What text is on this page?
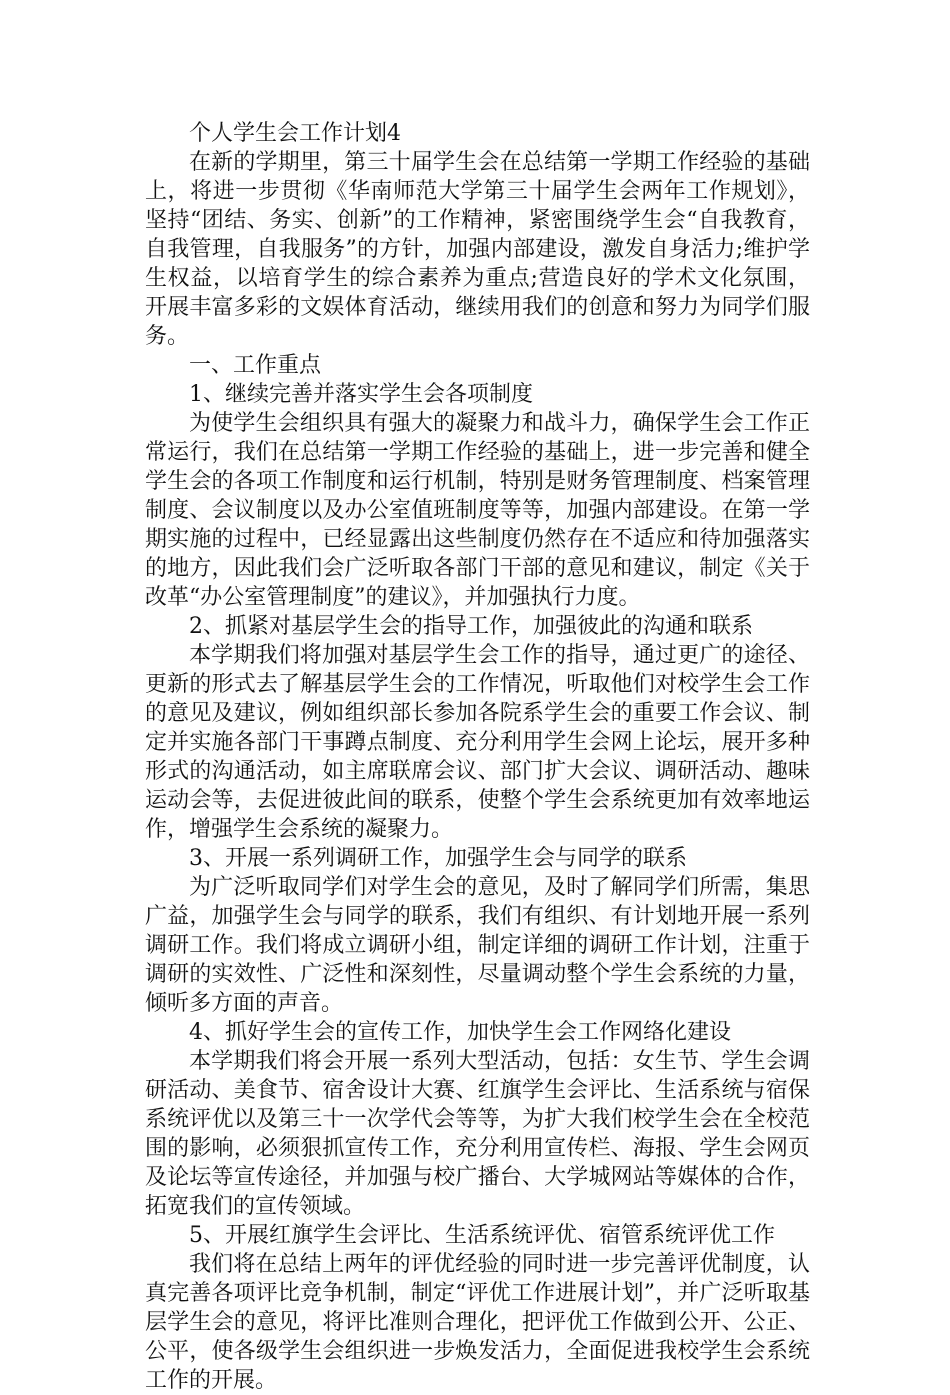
个人学生会工作计划4

在新的学期里，第三十届学生会在总结第一学期工作经验的基础上，将进一步贯彻《华南师范大学第三十届学生会两年工作规划》，坚持“团结、务实、创新”的工作精神，紧密围绕学生会“自我教育，自我管理，自我服务”的方针，加强内部建设，激发自身活力;维护学生权益，以培育学生的综合素养为重点;营造良好的学术文化氛围，开展丰富多彩的文娱体育活动，继续用我们的创意和努力为同学们服务。

一、工作重点

1、继续完善并落实学生会各项制度

为使学生会组织具有强大的凝聚力和战斗力，确保学生会工作正常运行，我们在总结第一学期工作经验的基础上，进一步完善和健全学生会的各项工作制度和运行机制，特别是财务管理制度、档案管理制度、会议制度以及办公室值班制度等等，加强内部建设。在第一学期实施的过程中，已经显露出这些制度仍然存在不适应和待加强落实的地方，因此我们会广泛听取各部门干部的意见和建议，制定《关于改革“办公室管理制度”的建议》，并加强执行力度。

2、抓紧对基层学生会的指导工作，加强彼此的沟通和联系

本学期我们将加强对基层学生会工作的指导，通过更广的途径、更新的形式去了解基层学生会的工作情况，听取他们对校学生会工作的意见及建议，例如组织部长参加各院系学生会的重要工作会议、制定并实施各部门干事蹲点制度、充分利用学生会网上论坛，展开多种形式的沟通活动，如主席联席会议、部门扩大会议、调研活动、趣味运动会等，去促进彼此间的联系，使整个学生会系统更加有效率地运作，增强学生会系统的凝聚力。

3、开展一系列调研工作，加强学生会与同学的联系

为广泛听取同学们对学生会的意见，及时了解同学们所需，集思广益，加强学生会与同学的联系，我们有组织、有计划地开展一系列调研工作。我们将成立调研小组，制定详细的调研工作计划，注重于调研的实效性、广泛性和深刻性，尽量调动整个学生会系统的力量，倾听多方面的声音。

4、抓好学生会的宣传工作，加快学生会工作网络化建设

本学期我们将会开展一系列大型活动，包括：女生节、学生会调研活动、美食节、宿舍设计大赛、红旗学生会评比、生活系统与宿保系统评优以及第三十一次学代会等等，为扩大我们校学生会在全校范围的影响，必须狠抓宣传工作，充分利用宣传栏、海报、学生会网页及论坛等宣传途径，并加强与校广播台、大学城网站等媒体的合作，拓宽我们的宣传领域。

5、开展红旗学生会评比、生活系统评优、宿管系统评优工作

我们将在总结上两年的评优经验的同时进一步完善评优制度，认真完善各项评比竞争机制，制定“评优工作进展计划”，并广泛听取基层学生会的意见，将评比准则合理化，把评优工作做到公开、公正、公平，使各级学生会组织进一步焕发活力，全面促进我校学生会系统工作的开展。
